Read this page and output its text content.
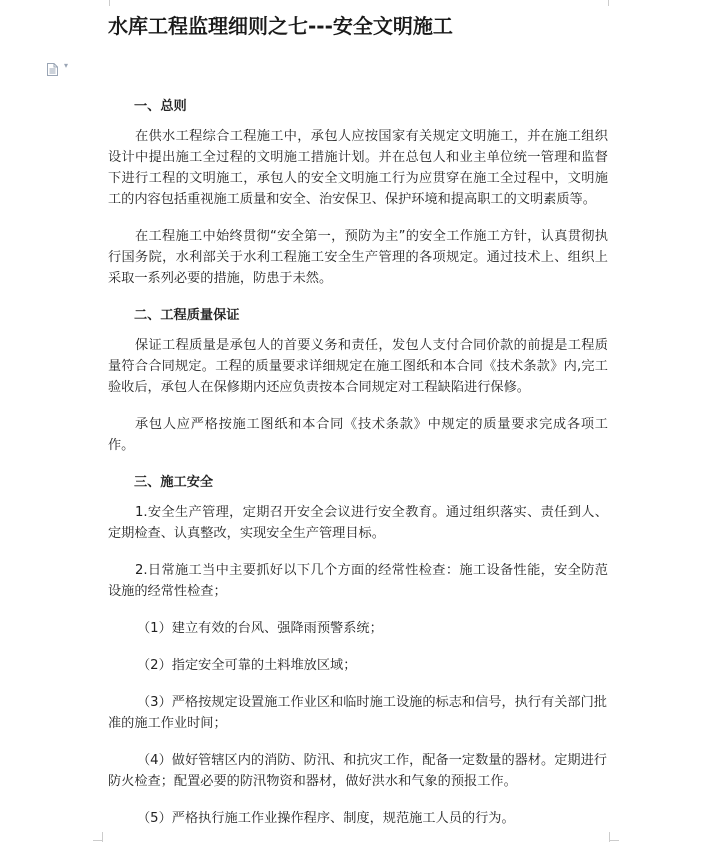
水库工程监理细则之七---安全文明施工
▾
一、总则

在供水工程综合工程施工中，承包人应按国家有关规定文明施工，并在施工组织设计中提出施工全过程的文明施工措施计划。并在总包人和业主单位统一管理和监督下进行工程的文明施工，承包人的安全文明施工行为应贯穿在施工全过程中，文明施工的内容包括重视施工质量和安全、治安保卫、保护环境和提高职工的文明素质等。

在工程施工中始终贯彻“安全第一，预防为主”的安全工作施工方针，认真贯彻执行国务院，水利部关于水利工程施工安全生产管理的各项规定。通过技术上、组织上采取一系列必要的措施，防患于未然。

二、工程质量保证

保证工程质量是承包人的首要义务和责任，发包人支付合同价款的前提是工程质量符合合同规定。工程的质量要求详细规定在施工图纸和本合同《技术条款》内,完工验收后，承包人在保修期内还应负责按本合同规定对工程缺陷进行保修。

承包人应严格按施工图纸和本合同《技术条款》中规定的质量要求完成各项工作。

三、施工安全

1.安全生产管理，定期召开安全会议进行安全教育。通过组织落实、责任到人、定期检查、认真整改，实现安全生产管理目标。

2.日常施工当中主要抓好以下几个方面的经常性检查：施工设备性能，安全防范设施的经常性检查；

（1）建立有效的台风、强降雨预警系统；

（2）指定安全可靠的土料堆放区域；

（3）严格按规定设置施工作业区和临时施工设施的标志和信号，执行有关部门批准的施工作业时间；

（4）做好管辖区内的消防、防汛、和抗灾工作，配备一定数量的器材。定期进行防火检查；配置必要的防汛物资和器材，做好洪水和气象的预报工作。

（5）严格执行施工作业操作程序、制度，规范施工人员的行为。
